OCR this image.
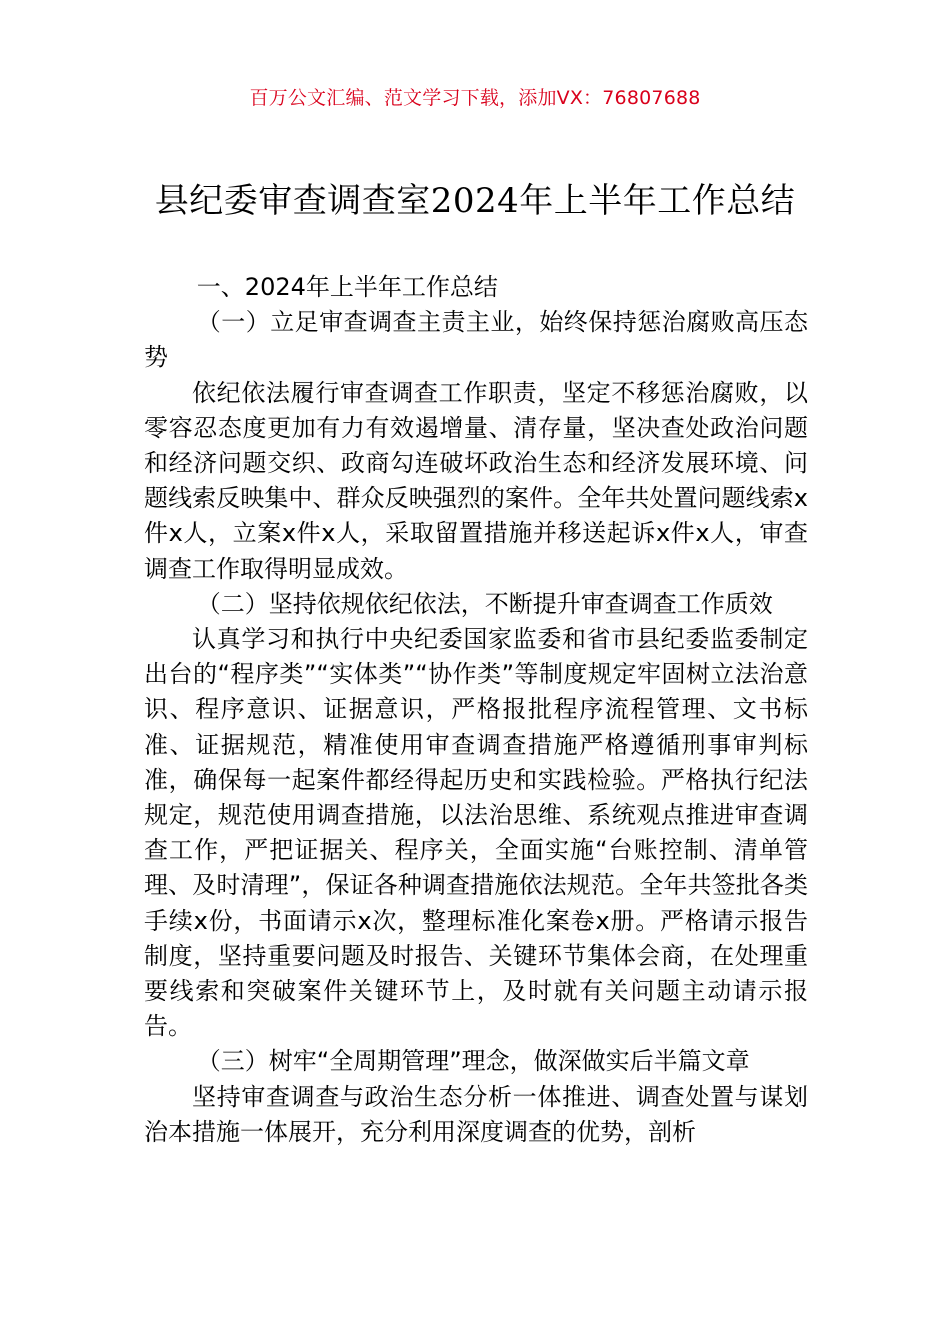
百万公文汇编、范文学习下载，添加VX：76807688
县纪委审查调查室2024年上半年工作总结

一、2024年上半年工作总结

（一）立足审查调查主责主业，始终保持惩治腐败高压态势

依纪依法履行审查调查工作职责，坚定不移惩治腐败，以零容忍态度更加有力有效遏增量、清存量，坚决查处政治问题和经济问题交织、政商勾连破坏政治生态和经济发展环境、问题线索反映集中、群众反映强烈的案件。全年共处置问题线索x件x人，立案x件x人，采取留置措施并移送起诉x件x人，审查调查工作取得明显成效。

（二）坚持依规依纪依法，不断提升审查调查工作质效

认真学习和执行中央纪委国家监委和省市县纪委监委制定出台的“程序类”“实体类”“协作类”等制度规定牢固树立法治意识、程序意识、证据意识，严格报批程序流程管理、文书标准、证据规范，精准使用审查调查措施严格遵循刑事审判标准，确保每一起案件都经得起历史和实践检验。严格执行纪法规定，规范使用调查措施，以法治思维、系统观点推进审查调查工作，严把证据关、程序关，全面实施“台账控制、清单管理、及时清理”，保证各种调查措施依法规范。全年共签批各类手续x份，书面请示x次，整理标准化案卷x册。严格请示报告制度，坚持重要问题及时报告、关键环节集体会商，在处理重要线索和突破案件关键环节上，及时就有关问题主动请示报告。

（三）树牢“全周期管理”理念，做深做实后半篇文章

坚持审查调查与政治生态分析一体推进、调查处置与谋划治本措施一体展开，充分利用深度调查的优势，剖析
